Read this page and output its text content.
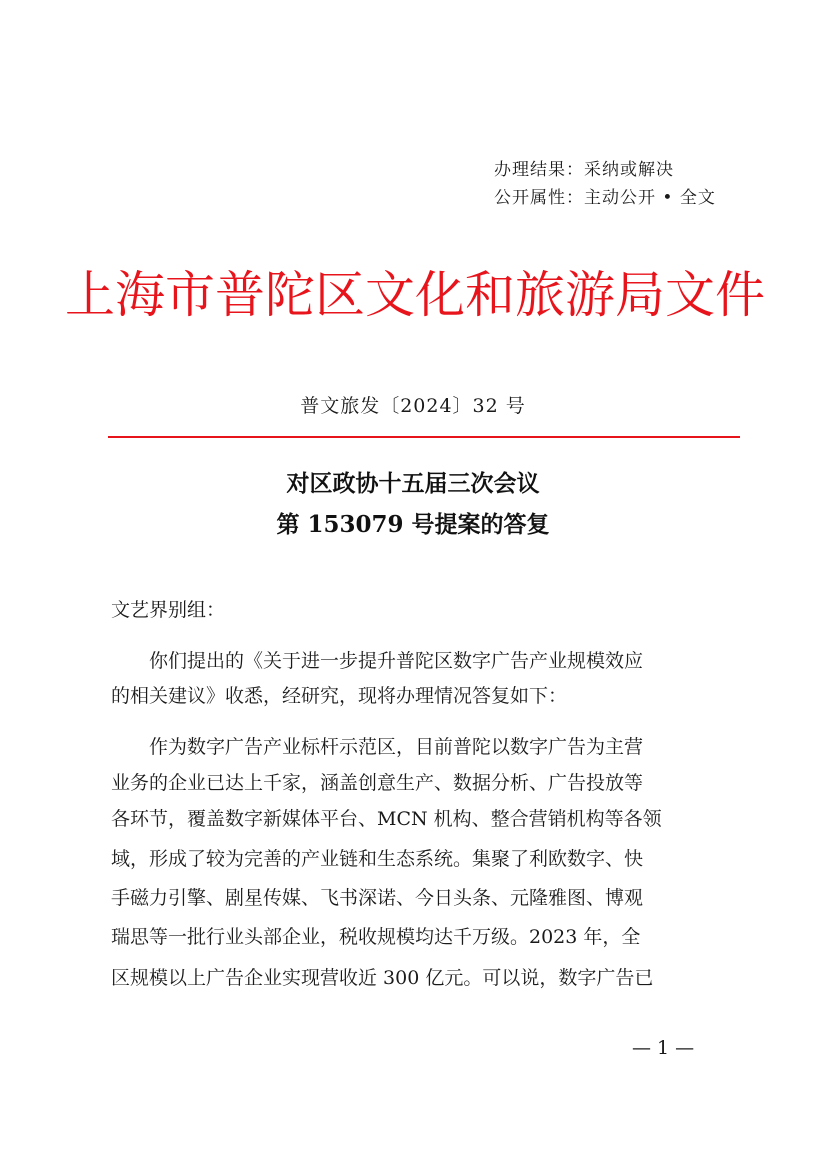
办理结果：采纳或解决
公开属性：主动公开 • 全文
上海市普陀区文化和旅游局文件
普文旅发〔2024〕32 号
对区政协十五届三次会议
第 153079 号提案的答复
文艺界别组：
　　你们提出的《关于进一步提升普陀区数字广告产业规模效应
的相关建议》收悉，经研究，现将办理情况答复如下：
　　作为数字广告产业标杆示范区，目前普陀以数字广告为主营
业务的企业已达上千家，涵盖创意生产、数据分析、广告投放等
各环节，覆盖数字新媒体平台、MCN 机构、整合营销机构等各领
域，形成了较为完善的产业链和生态系统。集聚了利欧数字、快
手磁力引擎、剧星传媒、飞书深诺、今日头条、元隆雅图、博观
瑞思等一批行业头部企业，税收规模均达千万级。2023 年，全
区规模以上广告企业实现营收近 300 亿元。可以说，数字广告已
— 1 —
